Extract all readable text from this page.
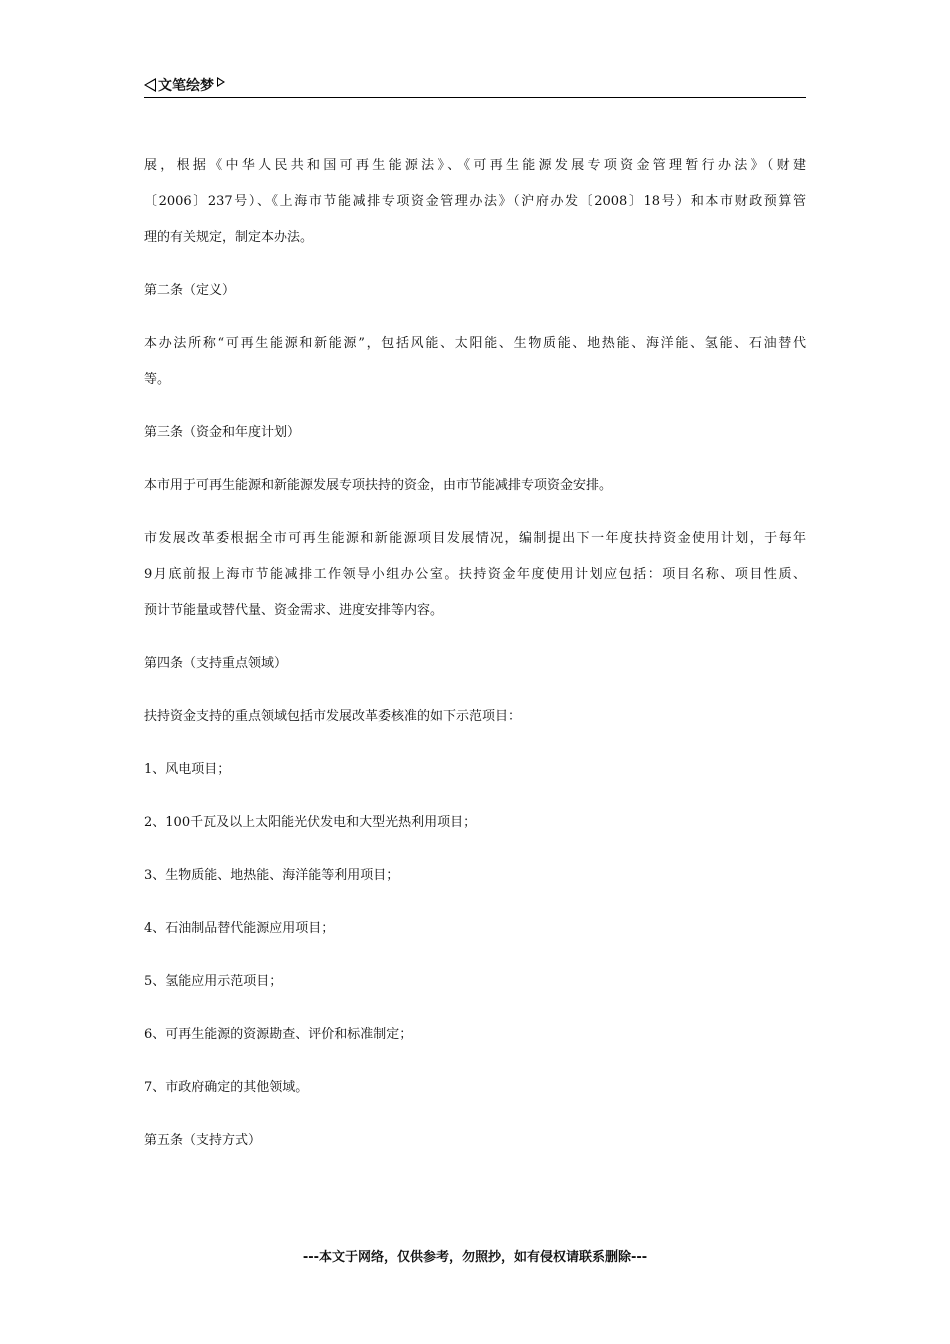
文笔绘梦
展，根据《中华人民共和国可再生能源法》、《可再生能源发展专项资金管理暂行办法》（财建
〔2006〕237号）、《上海市节能减排专项资金管理办法》（沪府办发〔2008〕18号）和本市财政预算管
理的有关规定，制定本办法。
第二条（定义）
本办法所称“可再生能源和新能源”，包括风能、太阳能、生物质能、地热能、海洋能、氢能、石油替代
等。
第三条（资金和年度计划）
本市用于可再生能源和新能源发展专项扶持的资金，由市节能减排专项资金安排。
市发展改革委根据全市可再生能源和新能源项目发展情况，编制提出下一年度扶持资金使用计划，于每年
9月底前报上海市节能减排工作领导小组办公室。扶持资金年度使用计划应包括：项目名称、项目性质、
预计节能量或替代量、资金需求、进度安排等内容。
第四条（支持重点领域）
扶持资金支持的重点领域包括市发展改革委核准的如下示范项目：
1、风电项目；
2、100千瓦及以上太阳能光伏发电和大型光热利用项目；
3、生物质能、地热能、海洋能等利用项目；
4、石油制品替代能源应用项目；
5、氢能应用示范项目；
6、可再生能源的资源勘查、评价和标准制定；
7、市政府确定的其他领域。
第五条（支持方式）
---本文于网络，仅供参考，勿照抄，如有侵权请联系删除---
